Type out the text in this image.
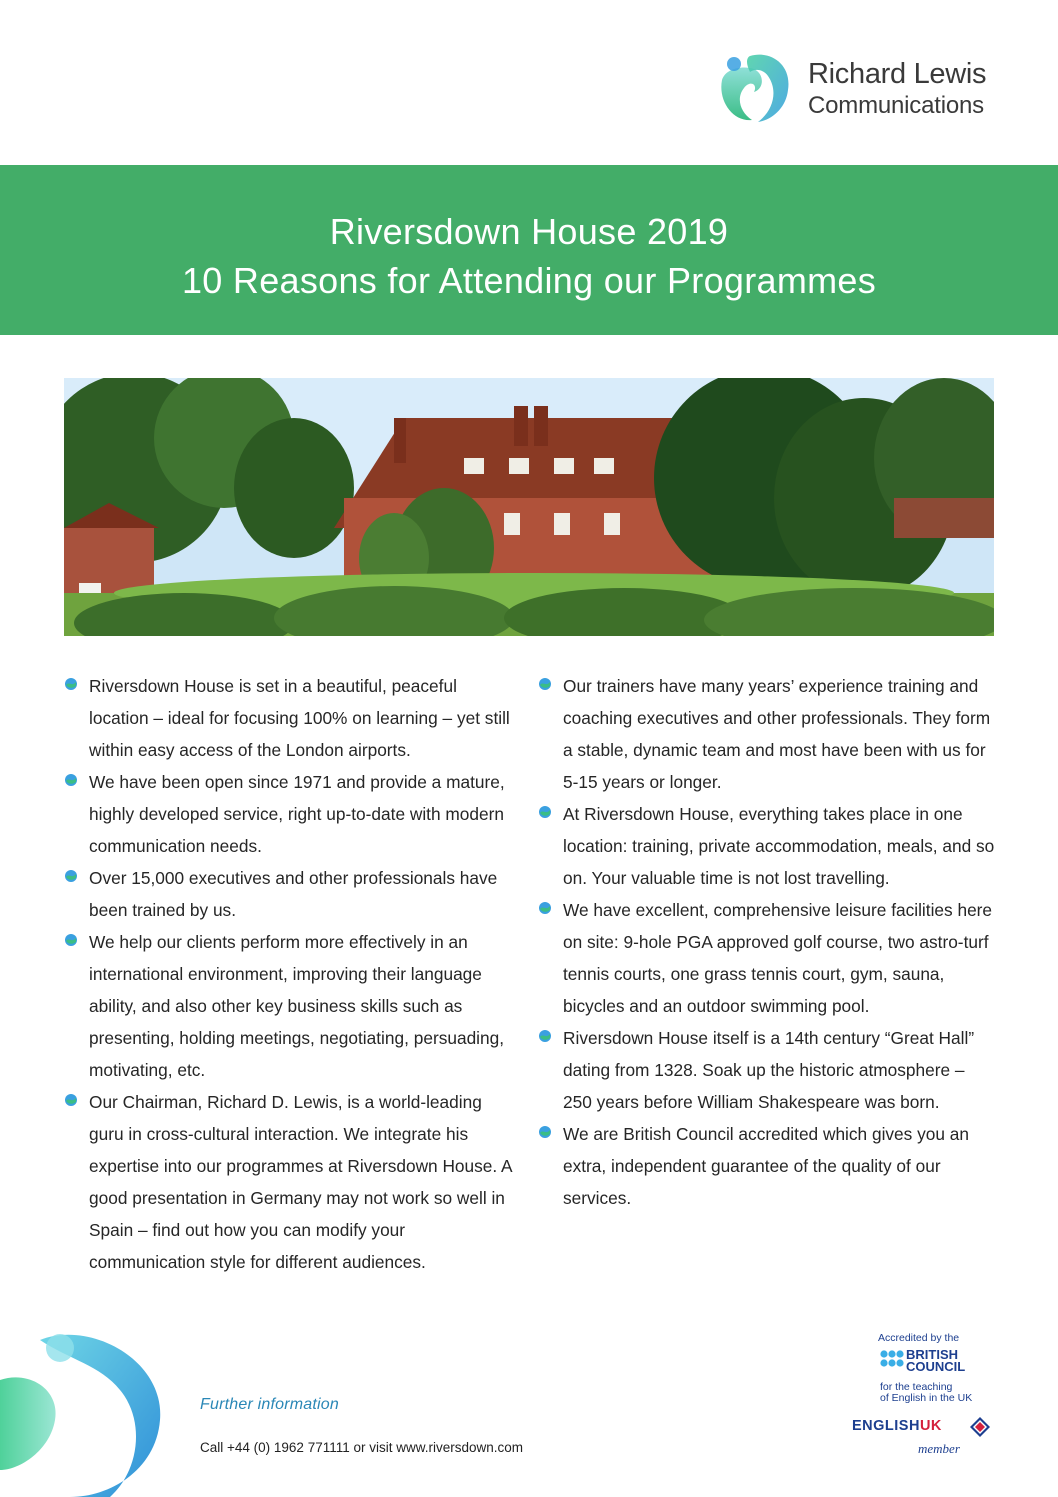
Richard Lewis
Communications
Riversdown House 2019
10 Reasons for Attending our Programmes
Riversdown House is set in a beautiful, peaceful location – ideal for focusing 100% on learning – yet still within easy access of the London airports.
We have been open since 1971 and provide a mature, highly developed service, right up-to-date with modern communication needs.
Over 15,000 executives and other professionals have been trained by us.
We help our clients perform more effectively in an international environment, improving their language ability, and also other key business skills such as presenting, holding meetings, negotiating, persuading, motivating, etc.
Our Chairman, Richard D. Lewis, is a world-leading guru in cross-cultural interaction. We integrate his expertise into our programmes at Riversdown House. A good presentation in Germany may not work so well in Spain – find out how you can modify your communication style for different audiences.
Our trainers have many years’ experience training and coaching executives and other professionals. They form a stable, dynamic team and most have been with us for 5-15 years or longer.
At Riversdown House, everything takes place in one location: training, private accommodation, meals, and so on. Your valuable time is not lost travelling.
We have excellent, comprehensive leisure facilities here on site: 9-hole PGA approved golf course, two astro-turf tennis courts, one grass tennis court, gym, sauna, bicycles and an outdoor swimming pool.
Riversdown House itself is a 14th century “Great Hall” dating from 1328. Soak up the historic atmosphere – 250 years before William Shakespeare was born.
We are British Council accredited which gives you an extra, independent guarantee of the quality of our services.
Further information
Call +44 (0) 1962 771111 or visit www.riversdown.com
Accredited by the
BRITISH
COUNCIL
for the teaching
of English in the UK
ENGLISHUK
member
